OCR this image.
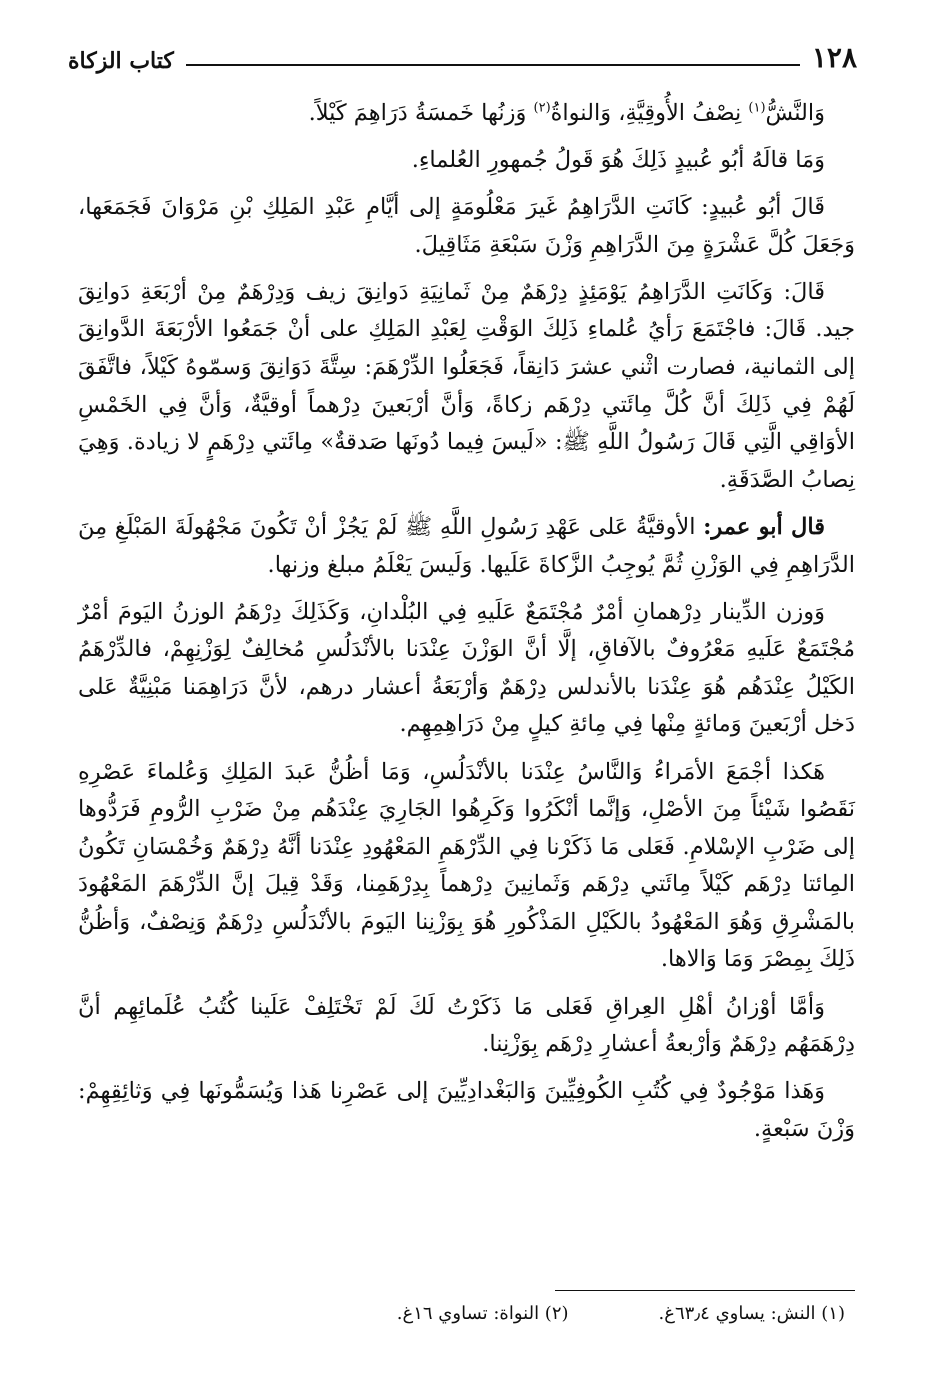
١٢٨
كتاب الزكاة

وَالنَّشُّ$^{(١)}$ نِصْفُ الأُوقِيَّةِ، وَالنواةُ$^{(٢)}$ وَزنُها خَمسَةُ دَرَاهِمَ كَيْلاً.

وَمَا قالَهُ أبُو عُبيدٍ ذَلِكَ هُوَ قَولُ جُمهورِ العُلماءِ.

قَالَ أبُو عُبيدٍ: كَانَتِ الدَّرَاهِمُ غَيرَ مَعْلُومَةٍ إلى أيَّامِ عَبْدِ المَلِكِ بْنِ مَرْوَانَ فَجَمَعَها، وَجَعَلَ كُلَّ عَشْرَةٍ مِنَ الدَّرَاهِمِ وَزْنَ سَبْعَةِ مَثَاقِيلَ.

قَالَ: وَكَانَتِ الدَّرَاهِمُ يَوْمَئِذٍ دِرْهَمٌ مِنْ ثَمانِيَةِ دَوانِقَ زيف وَدِرْهَمٌ مِنْ أرْبَعَةِ دَوانِقَ جيد. قَالَ: فاجْتَمَعَ رَأيُ عُلماءِ ذَلِكَ الوَقْتِ لِعَبْدِ المَلِكِ على أنْ جَمَعُوا الأرْبَعَةَ الدَّوانِقَ إلى الثمانية، فصارت اثْني عشرَ دَانِقاً، فَجَعَلُوا الدِّرْهَمَ: سِتَّةَ دَوَانِقَ وَسمّوهُ كَيْلاً، فاتَّفَقَ لَهُمْ فِي ذَلِكَ أنَّ كُلَّ مِائَتي دِرْهَم زكاةً، وَأنَّ أرْبَعينَ دِرْهماً أوقيَّةٌ، وَأنَّ فِي الخَمْسِ الأوَاقِي الَّتِي قَالَ رَسُولُ اللَّهِ ﷺ: «لَيسَ فِيما دُونَها صَدقةٌ» مِائَتي دِرْهَمٍ لا زيادة. وَهِيَ نِصابُ الصَّدَقَةِ.

قال أبو عمر: الأوقيَّةُ عَلى عَهْدِ رَسُولِ اللَّهِ ﷺ لَمْ يَجُزْ أنْ تَكُونَ مَجْهُولَةَ المَبْلَغِ مِنَ الدَّرَاهِمِ فِي الوَزْنِ ثُمَّ يُوجِبُ الزَّكاةَ عَلَيها. وَلَيسَ يَعْلَمُ مبلغ وزنها.

وَوزن الدِّينار دِرْهمانِ أمْرٌ مُجْتَمَعٌ عَلَيهِ فِي البُلْدانِ، وَكَذَلِكَ دِرْهَمُ الوزنُ اليَومَ أمْرٌ مُجْتَمَعٌ عَلَيهِ مَعْرُوفٌ بالآفاقِ، إلَّا أنَّ الوَزْنَ عِنْدَنا بالأنْدَلُسِ مُخالِفٌ لِوَزْنِهِمْ، فالدِّرْهَمُ الكَيْلُ عِنْدَهُم هُوَ عِنْدَنا بالأندلس دِرْهَمٌ وَأرْبَعَةُ أعشار درهم، لأنَّ دَرَاهِمَنا مَبْنِيَّةٌ عَلى دَخل أرْبَعينَ وَمائةٍ مِنْها فِي مِائةِ كيلٍ مِنْ دَرَاهِمِهِم.

هَكذا أجْمَعَ الأمَراءُ وَالنَّاسُ عِنْدَنا بالأنْدَلُسِ، وَمَا أظُنُّ عَبدَ المَلِكِ وَعُلماءَ عَصْرِهِ نَقَصُوا شَيْئاً مِنَ الأصْلِ، وَإنَّما أنْكَرُوا وَكَرِهُوا الجَارِيَ عِنْدَهُم مِنْ ضَرْبِ الرُّومِ فَرَدُّوها إلى ضَرْبِ الإسْلامِ. فَعَلى مَا ذَكَرْنا فِي الدِّرْهَمِ المَعْهُودِ عِنْدَنا أنَّهُ دِرْهَمٌ وَخُمْسَانِ تَكُونُ المِائتا دِرْهَم كَيْلاً مِائَتي دِرْهَم وَثَمانِينَ دِرْهماً بِدِرْهَمِنا، وَقَدْ قِيلَ إنَّ الدِّرْهَمَ المَعْهُودَ بالمَشْرِقِ وَهُوَ المَعْهُودُ بالكَيْلِ المَذْكُورِ هُوَ بِوَزْنِنا اليَومَ بالأنْدَلُسِ دِرْهَمٌ وَنِصْفٌ، وَأظُنُّ ذَلِكَ بِمِصْرَ وَمَا وَالاها.

وَأمَّا أوْزانُ أهْلِ العِراقِ فَعَلى مَا ذَكَرْتُ لَكَ لَمْ تَخْتَلِفْ عَلَينا كُتُبُ عُلَمائِهِم أنَّ دِرْهَمَهُم دِرْهَمٌ وَأرْبعةُ أعشارِ دِرْهَم بِوَزْنِنا.

وَهَذا مَوْجُودٌ فِي كُتُبِ الكُوفِيِّينَ وَالبَغْدادِيِّينَ إلى عَصْرِنا هَذا وَيُسَمُّونَها فِي وَثائِقِهِمْ: وَزْنَ سَبْعةٍ.

(١) النش: يساوي ٦٣٫٤غ.
(٢) النواة: تساوي ١٦غ.
